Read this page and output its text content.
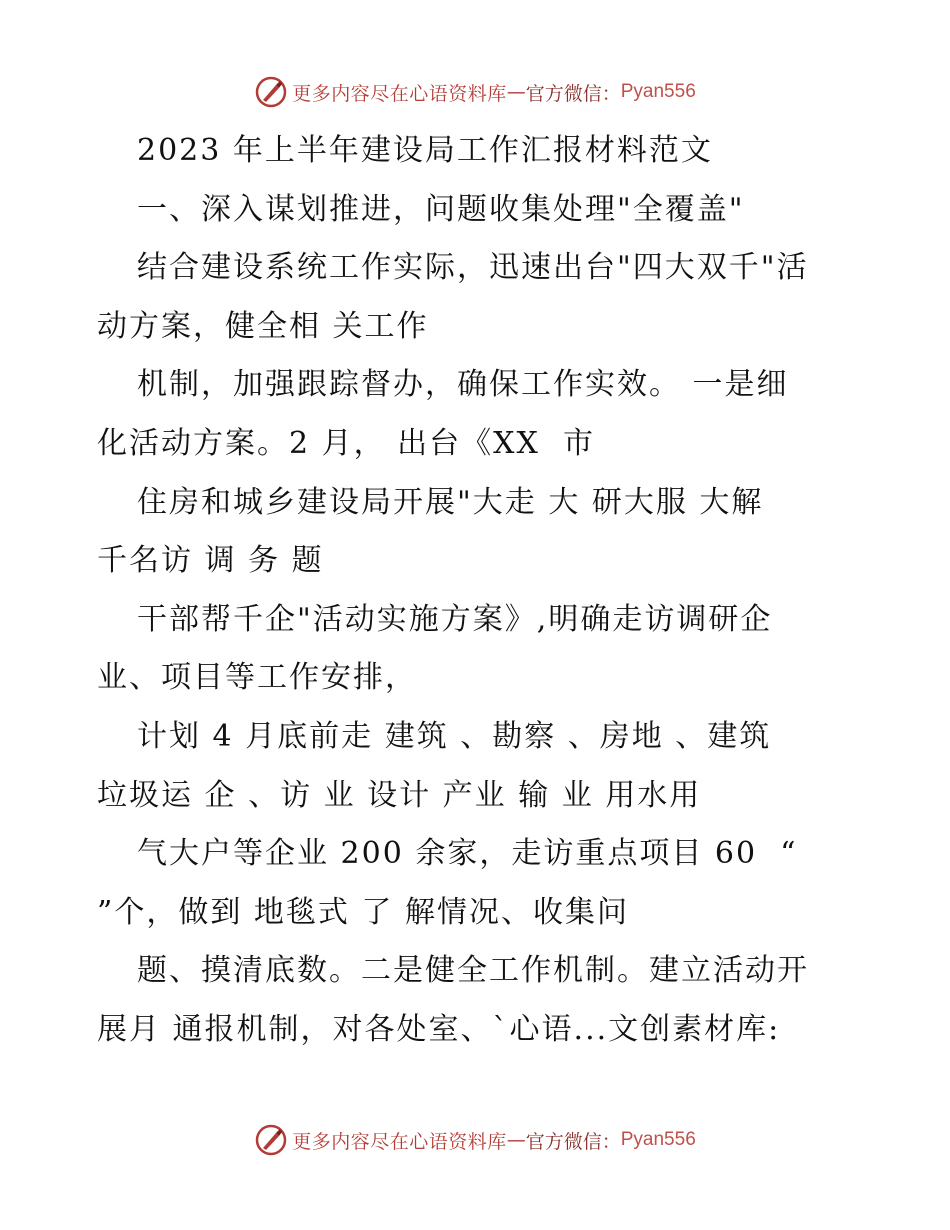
更多内容尽在心语资料库 — 官方微信： Pyan556
2023 年上半年建设局工作汇报材料范文
一、深入谋划推进，问题收集处理"全覆盖"
结合建设系统工作实际，迅速出台"四大双千"活
动方案，健全相 关工作
机制，加强跟踪督办，确保工作实效。 一是细
化活动方案。2 月， 出台《XX  市
住房和城乡建设局开展"大走 大 研大服 大解
千名访 调 务 题
干部帮千企"活动实施方案》,明确走访调研企
业、项目等工作安排，
计划 4 月底前走 建筑 、勘察 、房地 、建筑
垃圾运 企 、访 业 设计 产业 输 业 用水用
气大户等企业 200 余家，走访重点项目 60  “
”个，做到 地毯式 了 解情况、收集问
题、摸清底数。二是健全工作机制。建立活动开
展月 通报机制，对各处室、`心语...文创素材库:
更多内容尽在心语资料库 — 官方微信： Pyan556
